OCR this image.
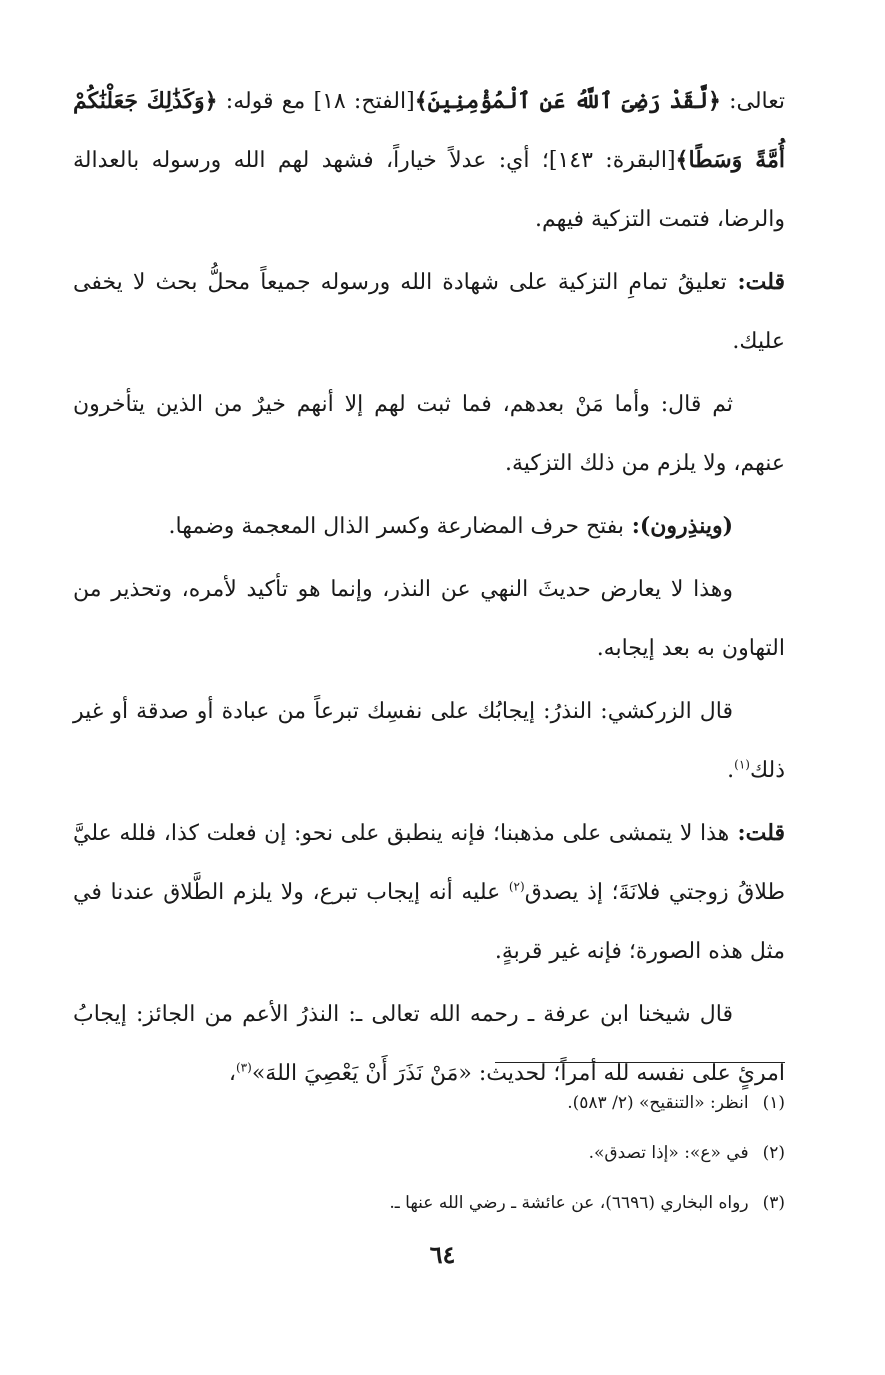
تعالى: ﴿لَّقَدْ رَضِىَ ٱللَّهُ عَنِ ٱلْمُؤْمِنِينَ﴾[الفتح: ١٨] مع قوله: ﴿وَكَذَٰلِكَ جَعَلْنَٰكُمْ أُمَّةً وَسَطًا﴾[البقرة: ١٤٣]؛ أي: عدلاً خياراً، فشهد لهم الله ورسوله بالعدالة والرضا، فتمت التزكية فيهم.

قلت: تعليقُ تمامِ التزكية على شهادة الله ورسوله جميعاً محلُّ بحث لا يخفى عليك.

ثم قال: وأما مَنْ بعدهم، فما ثبت لهم إلا أنهم خيرٌ من الذين يتأخرون عنهم، ولا يلزم من ذلك التزكية.

(وينذِرون): بفتح حرف المضارعة وكسر الذال المعجمة وضمها.

وهذا لا يعارض حديثَ النهي عن النذر، وإنما هو تأكيد لأمره، وتحذير من التهاون به بعد إيجابه.

قال الزركشي: النذرُ: إيجابُك على نفسِك تبرعاً من عبادة أو صدقة أو غير ذلك$^{(١)}$.

قلت: هذا لا يتمشى على مذهبنا؛ فإنه ينطبق على نحو: إن فعلت كذا، فلله عليَّ طلاقُ زوجتي فلانَةَ؛ إذ يصدق$^{(٢)}$ عليه أنه إيجاب تبرع، ولا يلزم الطَّلاق عندنا في مثل هذه الصورة؛ فإنه غير قربةٍ.

قال شيخنا ابن عرفة ـ رحمه الله تعالى ـ: النذرُ الأعم من الجائز: إيجابُ امرئٍ على نفسه لله أمراً؛ لحديث: «مَنْ نَذَرَ أَنْ يَعْصِيَ اللهَ»$^{(٣)}$،

(١)انظر: «التنقيح» (٢/ ٥٨٣).

(٢)في «ع»: «إذا تصدق».

(٣)رواه البخاري (٦٦٩٦)، عن عائشة ـ رضي الله عنها ـ.

٦٤
